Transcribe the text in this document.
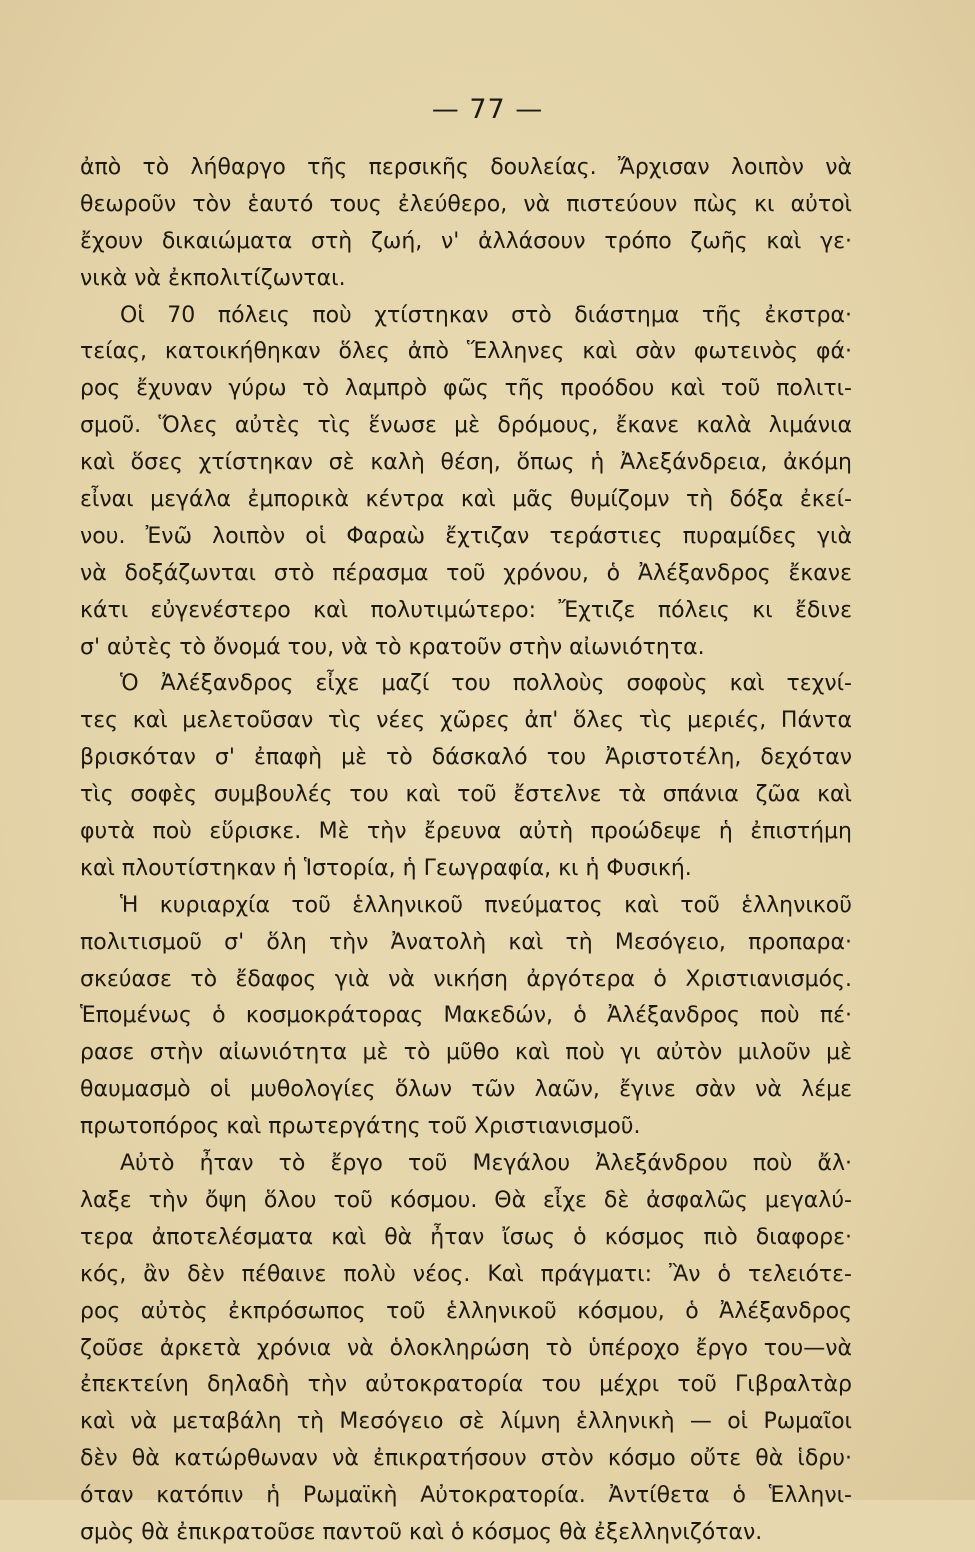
— 77 —
ἀπὸ τὸ λήθαργο τῆς περσικῆς δουλείας. Ἄρχισαν λοιπὸν νὰ
θεωροῦν τὸν ἑαυτό τους ἐλεύθερο, νὰ πιστεύουν πὼς κι αὐτοὶ
ἔχουν δικαιώματα στὴ ζωή, ν' ἀλλάσουν τρόπο ζωῆς καὶ γε·
νικὰ νὰ ἐκπολιτίζωνται.
Οἱ 70 πόλεις ποὺ χτίστηκαν στὸ διάστημα τῆς ἐκστρα·
τείας, κατοικήθηκαν ὅλες ἀπὸ Ἕλληνες καὶ σὰν φωτεινὸς φά·
ρος ἔχυναν γύρω τὸ λαμπρὸ φῶς τῆς προόδου καὶ τοῦ πολιτι-
σμοῦ. Ὅλες αὐτὲς τὶς ἕνωσε μὲ δρόμους, ἔκανε καλὰ λιμάνια
καὶ ὅσες χτίστηκαν σὲ καλὴ θέση, ὅπως ἡ Ἀλεξάνδρεια, ἀκόμη
εἶναι μεγάλα ἐμπορικὰ κέντρα καὶ μᾶς θυμίζομν τὴ δόξα ἐκεί-
νου. Ἐνῶ λοιπὸν οἱ Φαραὼ ἔχτιζαν τεράστιες πυραμίδες γιὰ
νὰ δοξάζωνται στὸ πέρασμα τοῦ χρόνου, ὁ Ἀλέξανδρος ἔκανε
κάτι εὐγενέστερο καὶ πολυτιμώτερο: Ἔχτιζε πόλεις κι ἔδινε
σ' αὐτὲς τὸ ὄνομά του, νὰ τὸ κρατοῦν στὴν αἰωνιότητα.
Ὁ Ἀλέξανδρος εἶχε μαζί του πολλοὺς σοφοὺς καὶ τεχνί-
τες καὶ μελετοῦσαν τὶς νέες χῶρες ἀπ' ὅλες τὶς μεριές, Πάντα
βρισκόταν σ' ἐπαφὴ μὲ τὸ δάσκαλό του Ἀριστοτέλη, δεχόταν
τὶς σοφὲς συμβουλές του καὶ τοῦ ἔστελνε τὰ σπάνια ζῶα καὶ
φυτὰ ποὺ εὕρισκε. Μὲ τὴν ἔρευνα αὐτὴ προώδεψε ἡ ἐπιστήμη
καὶ πλουτίστηκαν ἡ Ἱστορία, ἡ Γεωγραφία, κι ἡ Φυσική.
Ἡ κυριαρχία τοῦ ἑλληνικοῦ πνεύματος καὶ τοῦ ἑλληνικοῦ
πολιτισμοῦ σ' ὅλη τὴν Ἀνατολὴ καὶ τὴ Μεσόγειο, προπαρα·
σκεύασε τὸ ἔδαφος γιὰ νὰ νικήση ἀργότερα ὁ Χριστιανισμός.
Ἑπομένως ὁ κοσμοκράτορας Μακεδών, ὁ Ἀλέξανδρος ποὺ πέ·
ρασε στὴν αἰωνιότητα μὲ τὸ μῦθο καὶ ποὺ γι αὐτὸν μιλοῦν μὲ
θαυμασμὸ οἱ μυθολογίες ὅλων τῶν λαῶν, ἔγινε σὰν νὰ λέμε
πρωτοπόρος καὶ πρωτεργάτης τοῦ Χριστιανισμοῦ.
Αὐτὸ ἦταν τὸ ἔργο τοῦ Μεγάλου Ἀλεξάνδρου ποὺ ἄλ·
λαξε τὴν ὄψη ὅλου τοῦ κόσμου. Θὰ εἶχε δὲ ἀσφαλῶς μεγαλύ-
τερα ἀποτελέσματα καὶ θὰ ἦταν ἴσως ὁ κόσμος πιὸ διαφορε·
κός, ἂν δὲν πέθαινε πολὺ νέος. Καὶ πράγματι: Ἂν ὁ τελειότε-
ρος αὐτὸς ἐκπρόσωπος τοῦ ἑλληνικοῦ κόσμου, ὁ Ἀλέξανδρος
ζοῦσε ἀρκετὰ χρόνια νὰ ὁλοκληρώση τὸ ὑπέροχο ἔργο του—νὰ
ἐπεκτείνη δηλαδὴ τὴν αὐτοκρατορία του μέχρι τοῦ Γιβραλτὰρ
καὶ νὰ μεταβάλη τὴ Μεσόγειο σὲ λίμνη ἑλληνικὴ — οἱ Ρωμαῖοι
δὲν θὰ κατώρθωναν νὰ ἐπικρατήσουν στὸν κόσμο οὔτε θὰ ἱδρυ·
όταν κατόπιν ἡ Ρωμαϊκὴ Αὐτοκρατορία. Ἀντίθετα ὁ Ἑλληνι-
σμὸς θὰ ἐπικρατοῦσε παντοῦ καὶ ὁ κόσμος θὰ ἐξελληνιζόταν.
